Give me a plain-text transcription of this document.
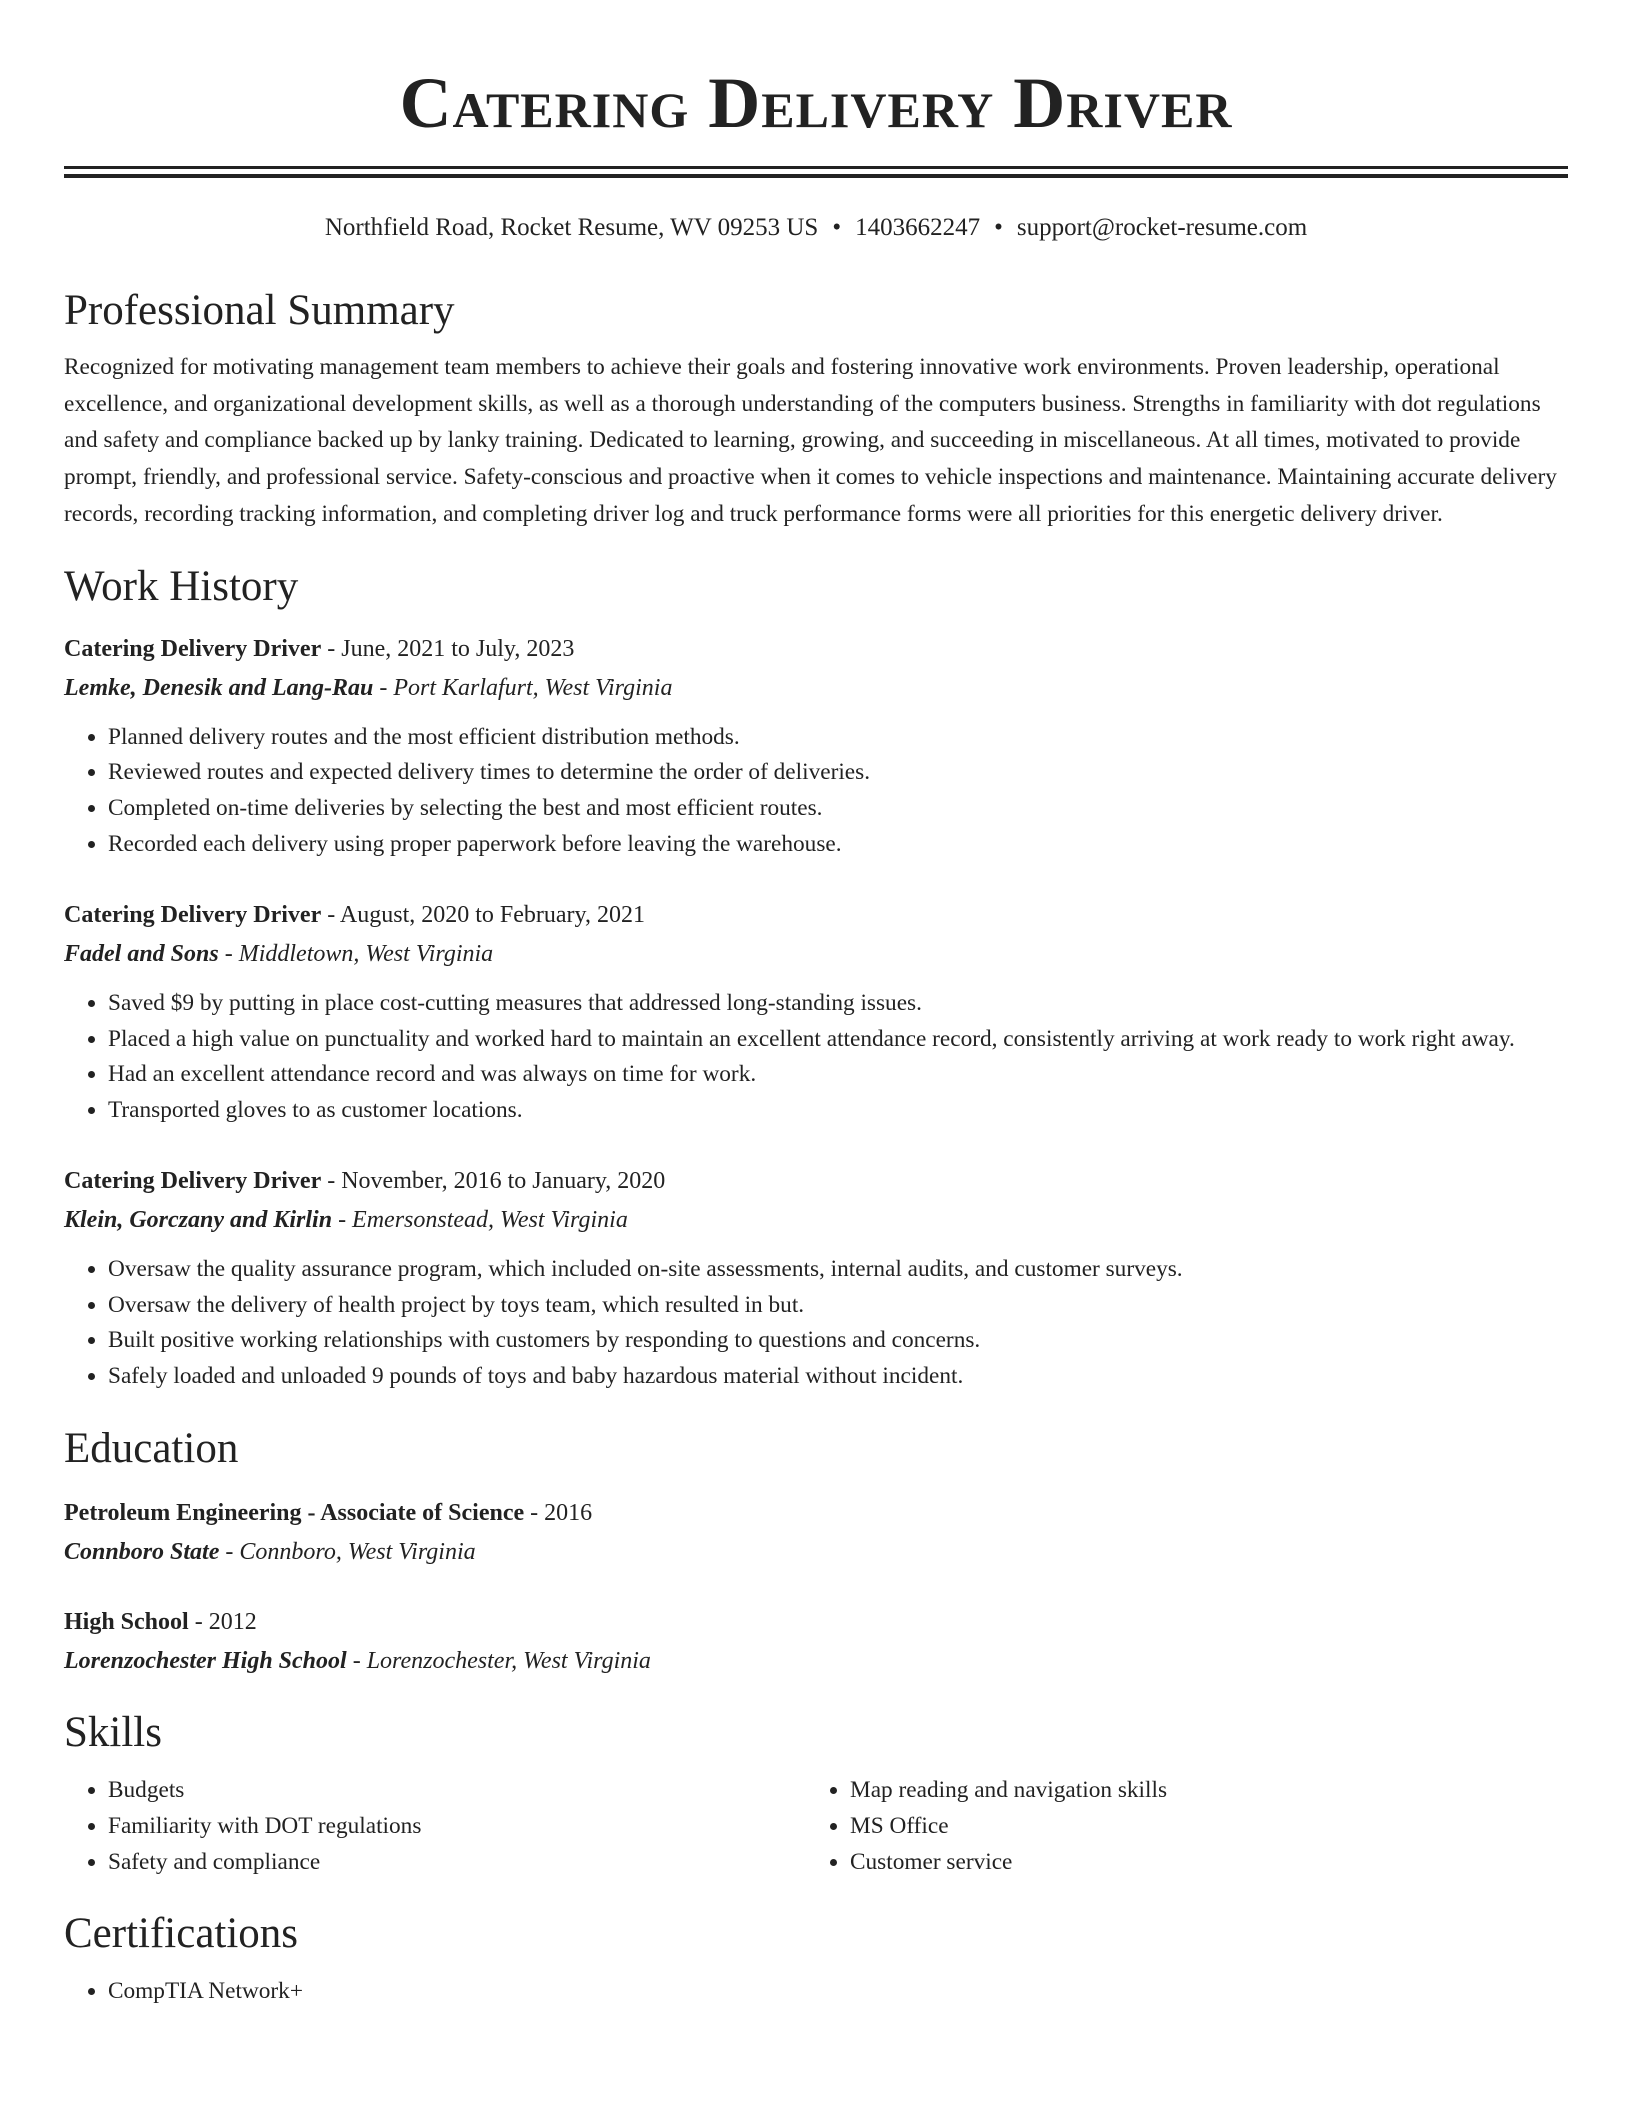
Catering Delivery Driver
Northfield Road, Rocket Resume, WV 09253 US • 1403662247 • support@rocket-resume.com
Professional Summary
Recognized for motivating management team members to achieve their goals and fostering innovative work environments. Proven leadership, operational excellence, and organizational development skills, as well as a thorough understanding of the computers business. Strengths in familiarity with dot regulations and safety and compliance backed up by lanky training. Dedicated to learning, growing, and succeeding in miscellaneous. At all times, motivated to provide prompt, friendly, and professional service. Safety-conscious and proactive when it comes to vehicle inspections and maintenance. Maintaining accurate delivery records, recording tracking information, and completing driver log and truck performance forms were all priorities for this energetic delivery driver.
Work History

Catering Delivery Driver - June, 2021 to July, 2023

Lemke, Denesik and Lang-Rau - Port Karlafurt, West Virginia

• Planned delivery routes and the most efficient distribution methods.
• Reviewed routes and expected delivery times to determine the order of deliveries.
• Completed on-time deliveries by selecting the best and most efficient routes.
• Recorded each delivery using proper paperwork before leaving the warehouse.

Catering Delivery Driver - August, 2020 to February, 2021

Fadel and Sons - Middletown, West Virginia

• Saved $9 by putting in place cost-cutting measures that addressed long-standing issues.
• Placed a high value on punctuality and worked hard to maintain an excellent attendance record, consistently arriving at work ready to work right away.
• Had an excellent attendance record and was always on time for work.
• Transported gloves to as customer locations.

Catering Delivery Driver - November, 2016 to January, 2020

Klein, Gorczany and Kirlin - Emersonstead, West Virginia

• Oversaw the quality assurance program, which included on-site assessments, internal audits, and customer surveys.
• Oversaw the delivery of health project by toys team, which resulted in but.
• Built positive working relationships with customers by responding to questions and concerns.
• Safely loaded and unloaded 9 pounds of toys and baby hazardous material without incident.
Education

Petroleum Engineering - Associate of Science - 2016

Connboro State - Connboro, West Virginia

High School - 2012

Lorenzochester High School - Lorenzochester, West Virginia

Skills
• Budgets
• Familiarity with DOT regulations
• Safety and compliance
• Map reading and navigation skills
• MS Office
• Customer service
Certifications
• CompTIA Network+
